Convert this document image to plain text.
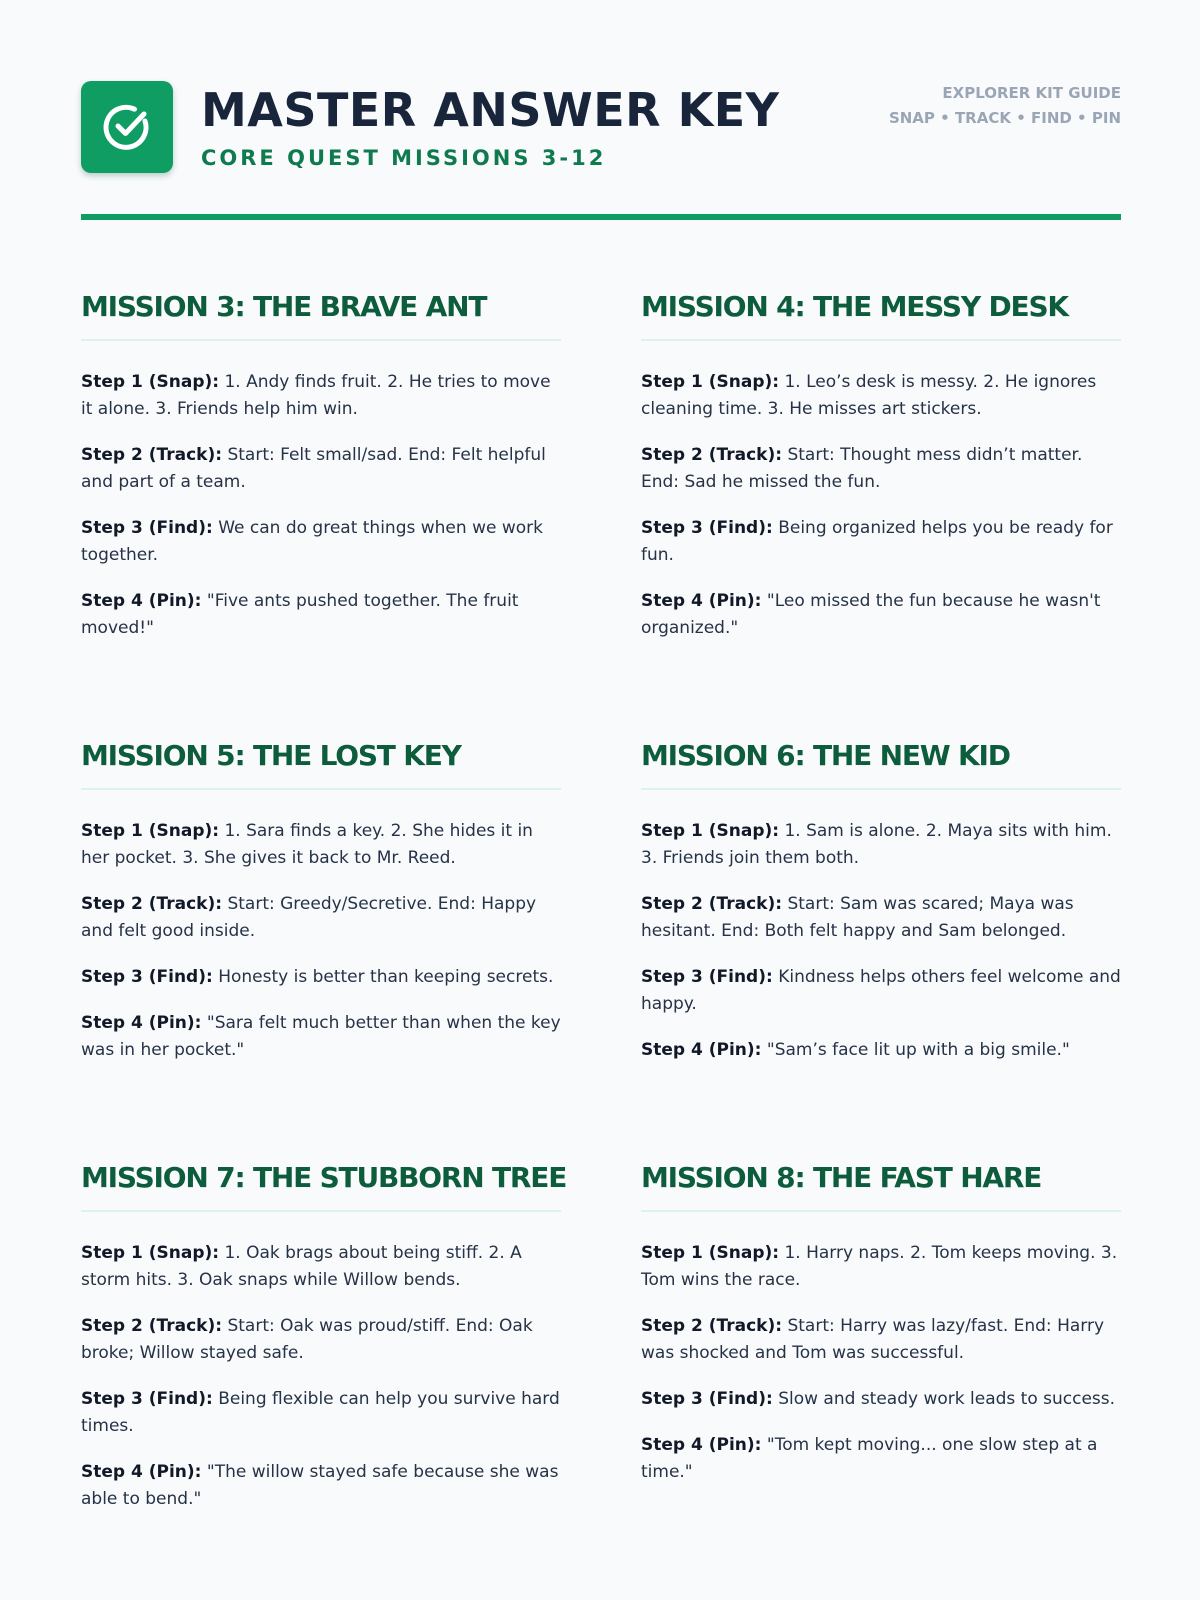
MASTER ANSWER KEY
CORE QUEST MISSIONS 3-12
EXPLORER KIT GUIDE
SNAP • TRACK • FIND • PIN
MISSION 3: THE BRAVE ANT

Step 1 (Snap): 1. Andy finds fruit. 2. He tries to move it alone. 3. Friends help him win.

Step 2 (Track): Start: Felt small/sad. End: Felt helpful and part of a team.

Step 3 (Find): We can do great things when we work together.

Step 4 (Pin): "Five ants pushed together. The fruit moved!"

MISSION 4: THE MESSY DESK

Step 1 (Snap): 1. Leo’s desk is messy. 2. He ignores cleaning time. 3. He misses art stickers.

Step 2 (Track): Start: Thought mess didn’t matter. End: Sad he missed the fun.

Step 3 (Find): Being organized helps you be ready for fun.

Step 4 (Pin): "Leo missed the fun because he wasn't organized."

MISSION 5: THE LOST KEY

Step 1 (Snap): 1. Sara finds a key. 2. She hides it in her pocket. 3. She gives it back to Mr. Reed.

Step 2 (Track): Start: Greedy/Secretive. End: Happy and felt good inside.

Step 3 (Find): Honesty is better than keeping secrets.

Step 4 (Pin): "Sara felt much better than when the key was in her pocket."

MISSION 6: THE NEW KID

Step 1 (Snap): 1. Sam is alone. 2. Maya sits with him. 3. Friends join them both.

Step 2 (Track): Start: Sam was scared; Maya was hesitant. End: Both felt happy and Sam belonged.

Step 3 (Find): Kindness helps others feel welcome and happy.

Step 4 (Pin): "Sam’s face lit up with a big smile."

MISSION 7: THE STUBBORN TREE

Step 1 (Snap): 1. Oak brags about being stiff. 2. A storm hits. 3. Oak snaps while Willow bends.

Step 2 (Track): Start: Oak was proud/stiff. End: Oak broke; Willow stayed safe.

Step 3 (Find): Being flexible can help you survive hard times.

Step 4 (Pin): "The willow stayed safe because she was able to bend."

MISSION 8: THE FAST HARE

Step 1 (Snap): 1. Harry naps. 2. Tom keeps moving. 3. Tom wins the race.

Step 2 (Track): Start: Harry was lazy/fast. End: Harry was shocked and Tom was successful.

Step 3 (Find): Slow and steady work leads to success.

Step 4 (Pin): "Tom kept moving... one slow step at a time."
